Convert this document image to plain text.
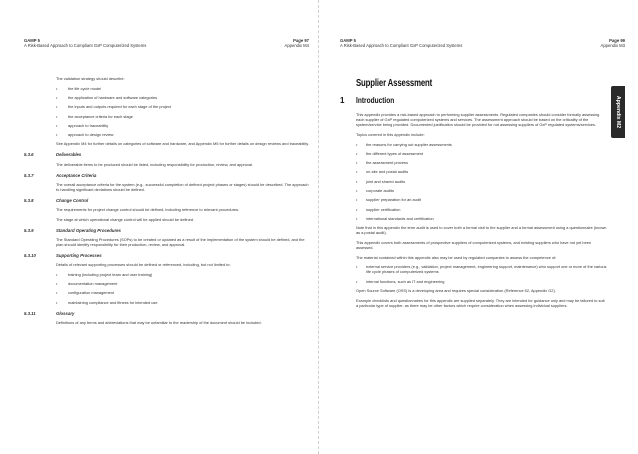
GAMP 5
A Risk-Based Approach to Compliant GxP Computerized Systems
Page 97
Appendix M4

The validation strategy should describe:

•	the life cycle model
•	the application of hardware and software categories
•	the inputs and outputs required for each stage of the project
•	the acceptance criteria for each stage
•	approach to traceability
•	approach to design review

See Appendix M4 for further details on categories of software and hardware, and Appendix M5 for further details on design reviews and traceability.

5.3.6	Deliverables

The deliverable items to be produced should be listed, including responsibility for production, review, and approval.

5.3.7	Acceptance Criteria

The overall acceptance criteria for the system (e.g., successful completion of defined project phases or stages) should be described. The approach to handling significant deviations should be defined.

5.3.8	Change Control

The requirements for project change control should be defined, including reference to relevant procedures.

The stage at which operational change control will be applied should be defined.

5.3.9	Standard Operating Procedures

The Standard Operating Procedures (SOPs) to be created or updated as a result of the implementation of the system should be defined, and the plan should identify responsibility for their production, review, and approval.

5.3.10	Supporting Processes

Details of relevant supporting processes should be defined or referenced, including, but not limited to:

•	training (including project team and user training)
•	documentation management
•	configuration management
•	maintaining compliance and fitness for intended use
5.3.11	Glossary

Definitions of any terms and abbreviations that may be unfamiliar to the readership of the document should be included.

GAMP 5
A Risk-Based Approach to Compliant GxP Computerized Systems
Page 99
Appendix M3
Appendix M2
Supplier Assessment
1 Introduction

This appendix provides a risk-based approach to performing supplier assessments. Regulated companies should consider formally assessing each supplier of GxP regulated computerized systems and services. The assessment approach should be based on the criticality of the system/service being provided. Documented justification should be provided for not assessing suppliers of GxP regulated systems/services.

Topics covered in this appendix include:

• the reasons for carrying out supplier assessments
• the different types of assessment
• the assessment process
• on-site and postal audits
• joint and shared audits
• corporate audits
• supplier preparation for an audit
• supplier certification
• international standards and certification

Note that in this appendix the term audit is used to cover both a formal visit to the supplier and a formal assessment using a questionnaire (known as a postal audit).

This appendix covers both assessments of prospective suppliers of computerized systems, and existing suppliers who have not yet been assessed.

The material contained within this appendix also may be used by regulated companies to assess the competence of:

• external service providers (e.g., validation, project management, engineering support, maintenance) who support one or more of the various life cycle phases of computerized systems
• internal functions, such as IT and engineering

Open Source Software (OSS) is a developing area and requires special consideration (Reference 52, Appendix G2).

Example checklists and questionnaires for this appendix are supplied separately. They are intended for guidance only and may be tailored to suit a particular type of supplier, as there may be other factors which require consideration when assessing individual suppliers.
